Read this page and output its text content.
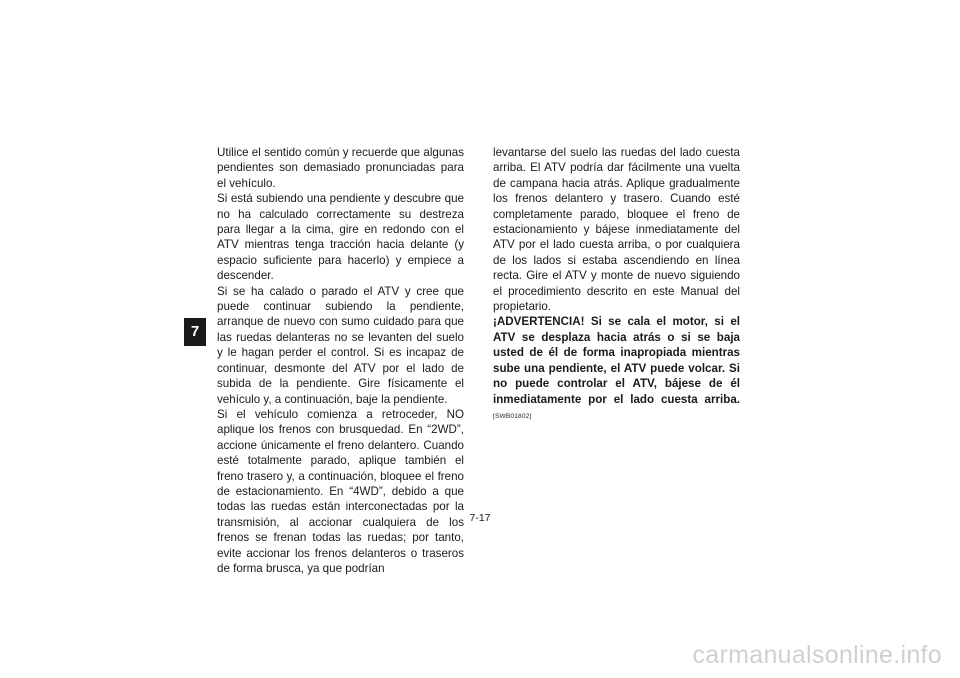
7

Utilice el sentido común y recuerde que algunas pendientes son demasiado pronunciadas para el vehículo.

Si está subiendo una pendiente y descubre que no ha calculado correctamente su destreza para llegar a la cima, gire en redondo con el ATV mientras tenga tracción hacia delante (y espacio suficiente para hacerlo) y empiece a descender.

Si se ha calado o parado el ATV y cree que puede continuar subiendo la pendiente, arranque de nuevo con sumo cuidado para que las ruedas delanteras no se levanten del suelo y le hagan perder el control. Si es incapaz de continuar, desmonte del ATV por el lado de subida de la pendiente. Gire físicamente el vehículo y, a continuación, baje la pendiente.

Si el vehículo comienza a retroceder, NO aplique los frenos con brusquedad. En “2WD”, accione únicamente el freno delantero. Cuando esté totalmente parado, aplique también el freno trasero y, a continuación, bloquee el freno de estacionamiento. En “4WD”, debido a que todas las ruedas están interconectadas por la transmisión, al accionar cualquiera de los frenos se frenan todas las ruedas; por tanto, evite accionar los frenos delanteros o traseros de forma brusca, ya que podrían

levantarse del suelo las ruedas del lado cuesta arriba. El ATV podría dar fácilmente una vuelta de campana hacia atrás. Aplique gradualmente los frenos delantero y trasero. Cuando esté completamente parado, bloquee el freno de estacionamiento y bájese inmediatamente del ATV por el lado cuesta arriba, o por cualquiera de los lados si estaba ascendiendo en línea recta. Gire el ATV y monte de nuevo siguiendo el procedimiento descrito en este Manual del propietario.

¡ADVERTENCIA! Si se cala el motor, si el ATV se desplaza hacia atrás o si se baja usted de él de forma inapropiada mientras sube una pendiente, el ATV puede volcar. Si no puede controlar el ATV, bájese de él inmediatamente por el lado cuesta arriba. [SWB01802]

7-17
carmanualsonline.info
